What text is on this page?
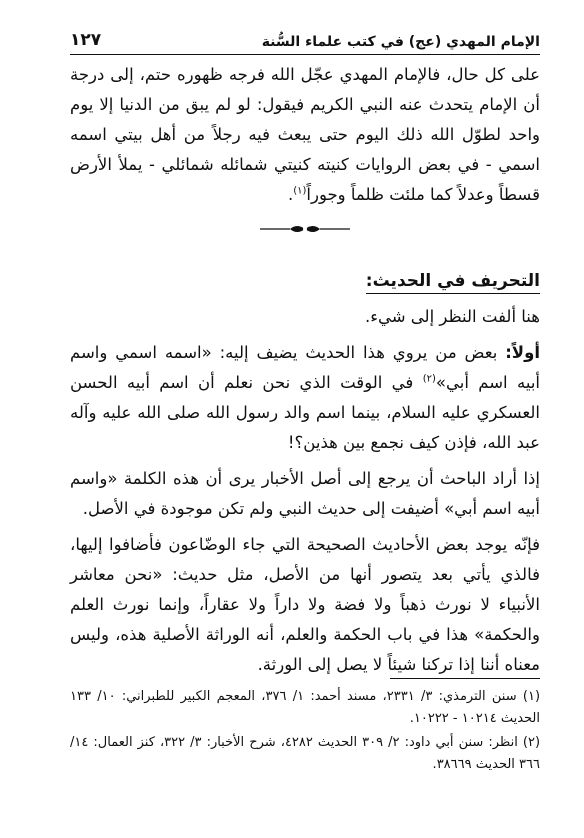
الإمام المهدي (عج) في كتب علماء السُّنة
١٢٧

على كل حال، فالإمام المهدي عجّل الله فرجه ظهوره حتم، إلى درجة أن الإمام يتحدث عنه النبي الكريم فيقول: لو لم يبق من الدنيا إلا يوم واحد لطوّل الله ذلك اليوم حتى يبعث فيه رجلاً من أهل بيتي اسمه اسمي - في بعض الروايات كنيته كنيتي شمائله شمائلي - يملأ الأرض قسطاً وعدلاً كما ملئت ظلماً وجوراً$^{(١)}$.

التحريف في الحديث:

هنا ألفت النظر إلى شيء.

أولاً: بعض من يروي هذا الحديث يضيف إليه: «اسمه اسمي واسم أبيه اسم أبي»$^{(٢)}$ في الوقت الذي نحن نعلم أن اسم أبيه الحسن العسكري عليه السلام، بينما اسم والد رسول الله صلى الله عليه وآله عبد الله، فإذن كيف نجمع بين هذين؟!

إذا أراد الباحث أن يرجع إلى أصل الأخبار يرى أن هذه الكلمة «واسم أبيه اسم أبي» أضيفت إلى حديث النبي ولم تكن موجودة في الأصل.

فإنّه يوجد بعض الأحاديث الصحيحة التي جاء الوضّاعون فأضافوا إليها، فالذي يأتي بعد يتصور أنها من الأصل، مثل حديث: «نحن معاشر الأنبياء لا نورث ذهباً ولا فضة ولا داراً ولا عقاراً، وإنما نورث العلم والحكمة» هذا في باب الحكمة والعلم، أنه الوراثة الأصلية هذه، وليس معناه أننا إذا تركنا شيئاً لا يصل إلى الورثة.

(١) سنن الترمذي: ٣/ ٢٣٣١، مسند أحمد: ١/ ٣٧٦، المعجم الكبير للطبراني: ١٠/ ١٣٣ الحديث ١٠٢١٤ - ١٠٢٢٢.

(٢) انظر: سنن أبي داود: ٢/ ٣٠٩ الحديث ٤٢٨٢، شرح الأخبار: ٣/ ٣٢٢، كنز العمال: ١٤/ ٣٦٦ الحديث ٣٨٦٦٩.
